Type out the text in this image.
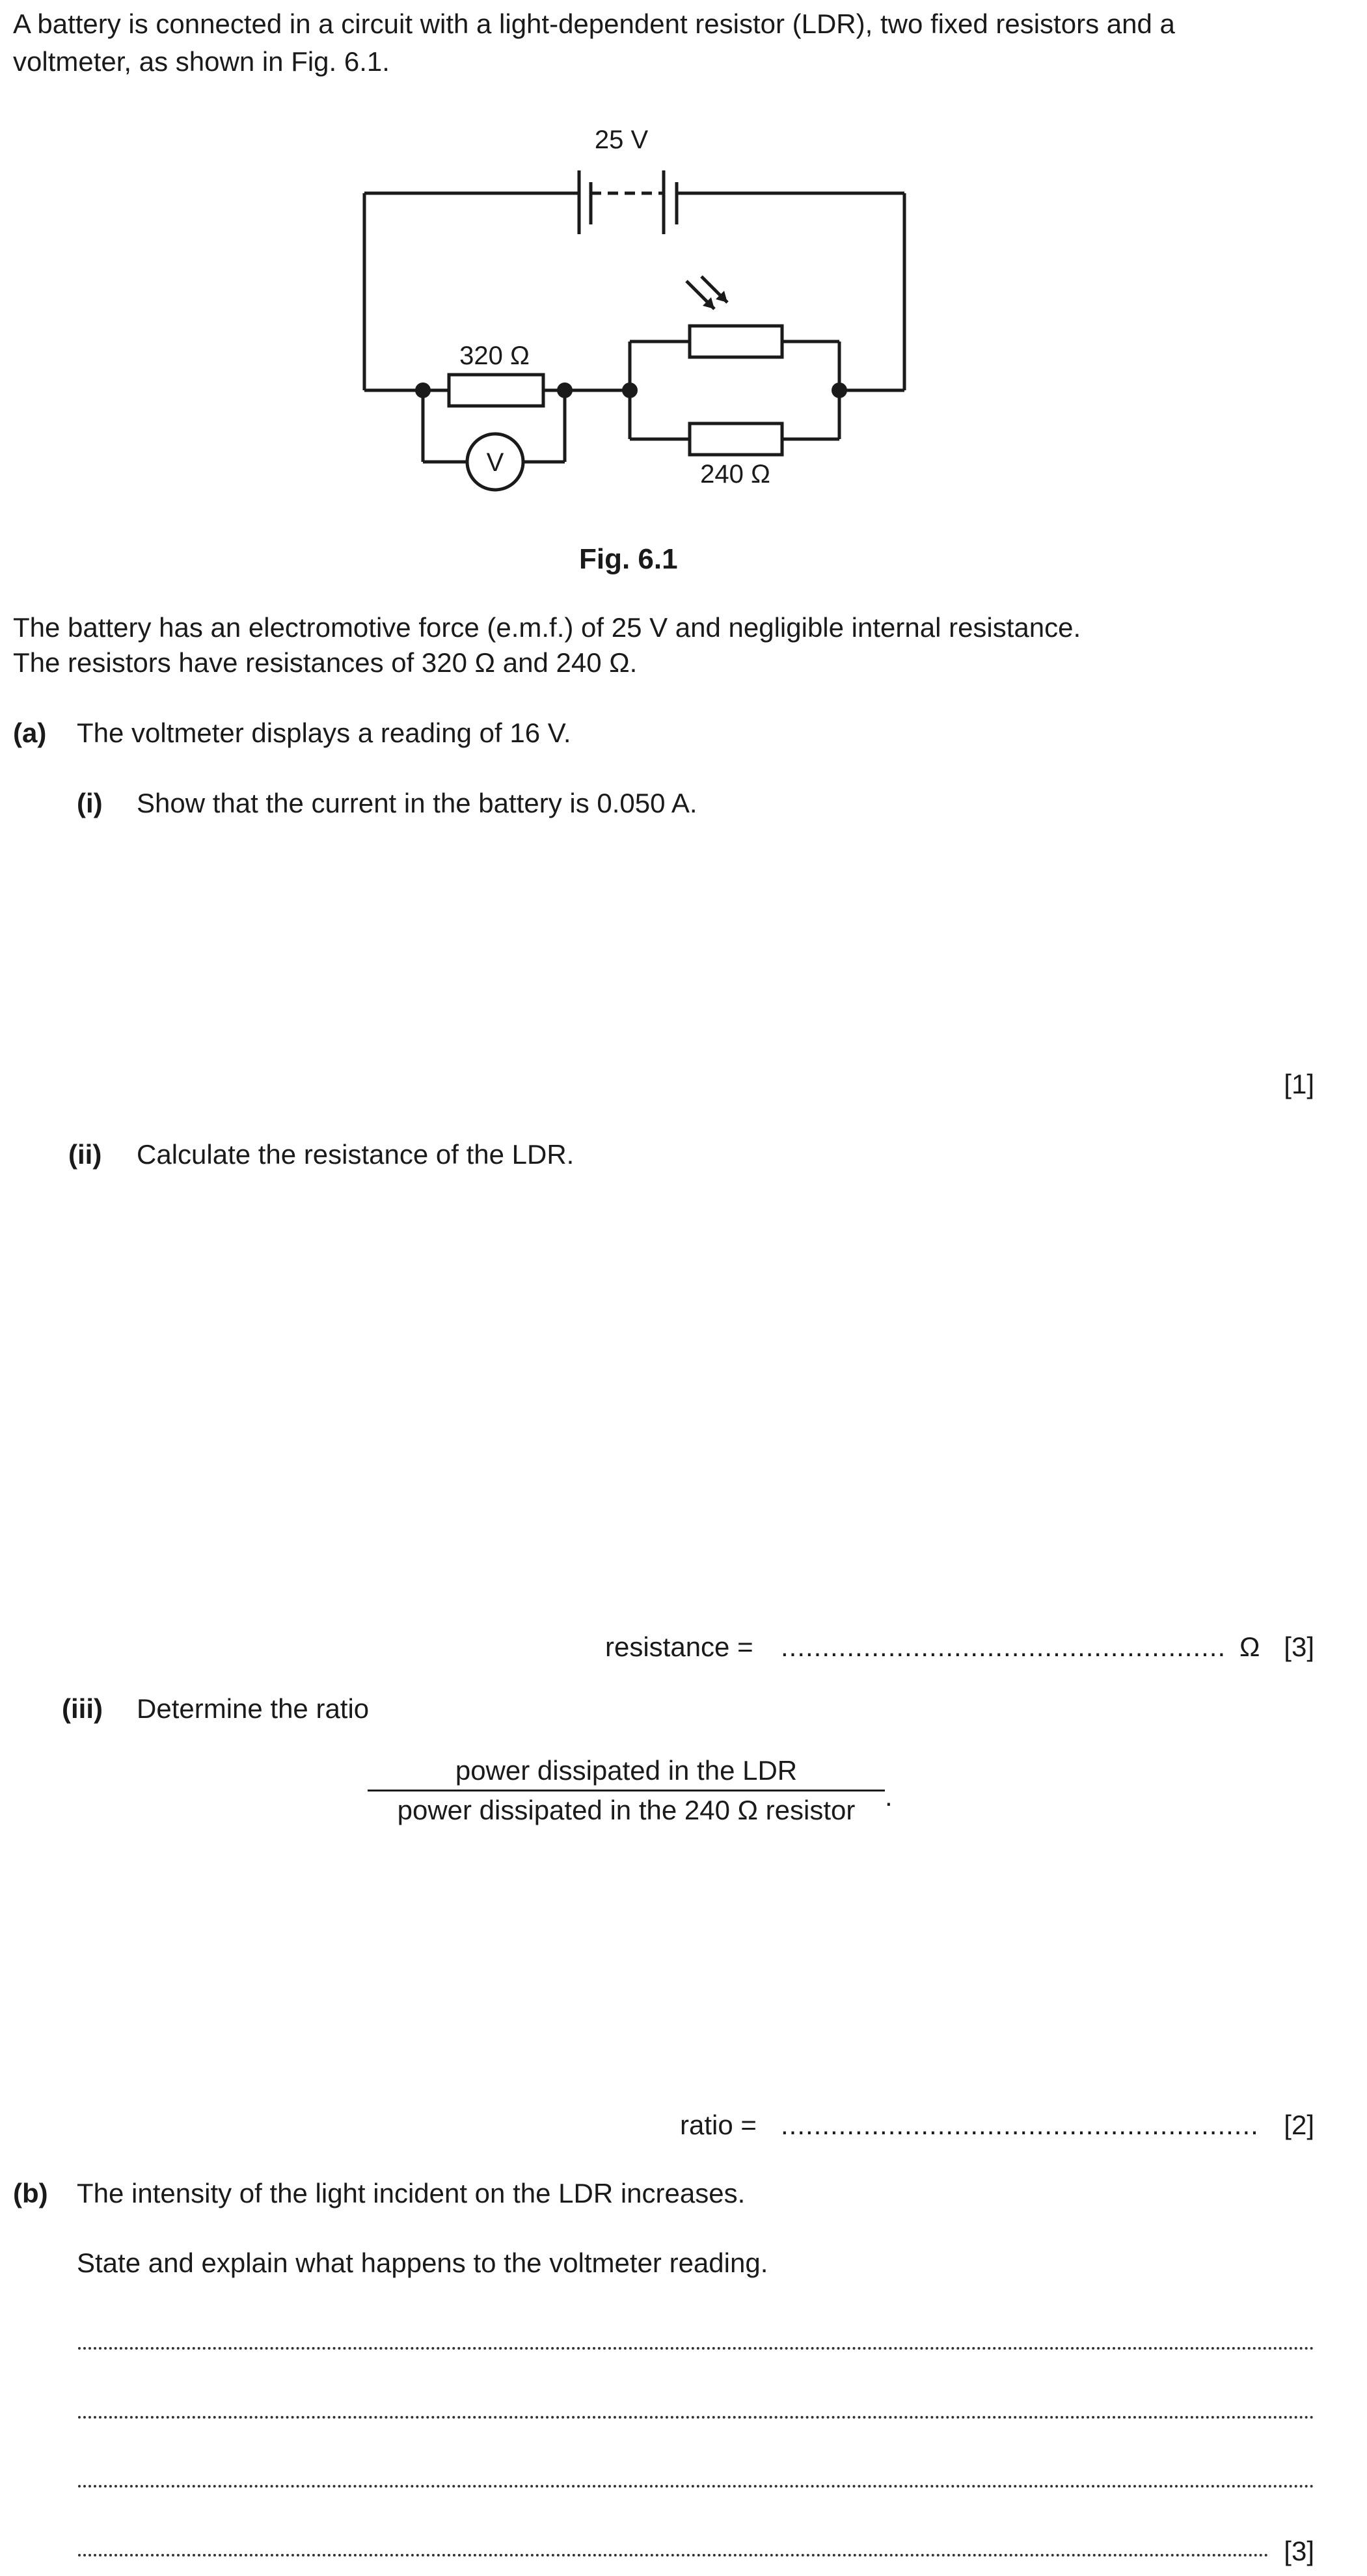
A battery is connected in a circuit with a light-dependent resistor (LDR), two fixed resistors and a
voltmeter, as shown in Fig. 6.1.
25 V
320 Ω
240 Ω
V
Fig. 6.1
The battery has an electromotive force (e.m.f.) of 25 V and negligible internal resistance.
The resistors have resistances of 320 Ω and 240 Ω.
(a) The voltmeter displays a reading of 16 V.
(i) Show that the current in the battery is 0.050 A.
[1]
(ii) Calculate the resistance of the LDR.
resistance = ...................................................... Ω [3]
(iii) Determine the ratio
power dissipated in the LDR
power dissipated in the 240 Ω resistor	.
ratio = .......................................................... [2]
(b) The intensity of the light incident on the LDR increases.
State and explain what happens to the voltmeter reading.
[3]
